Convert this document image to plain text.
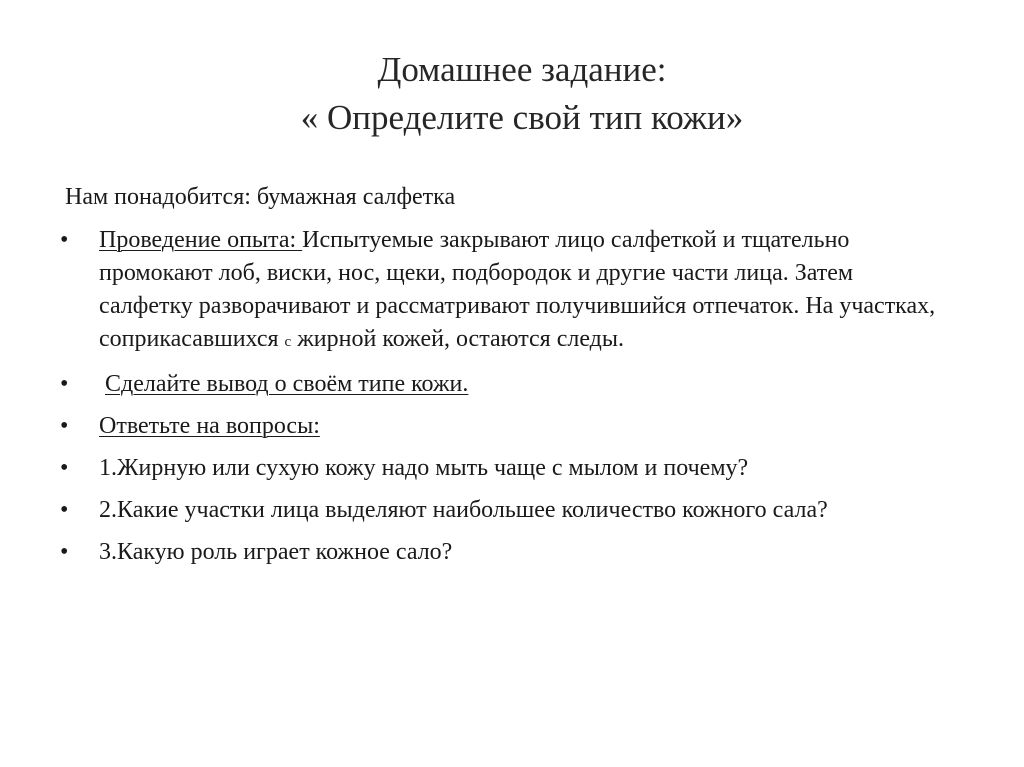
Домашнее задание:
« Определите свой тип кожи»
Нам понадобится: бумажная салфетка
• Проведение опыта: Испытуемые закрывают лицо салфеткой и тщательно промокают лоб, виски, нос, щеки, подбородок и другие части лица. Затем салфетку разворачивают и рассматривают получившийся отпечаток. На участках, соприкасавшихся с жирной кожей, остаются следы.
• Сделайте вывод о своём типе кожи.
• Ответьте на вопросы:
• 1.Жирную или сухую кожу надо мыть чаще с мылом и почему?
• 2.Какие участки лица выделяют наибольшее количество кожного сала?
• 3.Какую роль играет кожное сало?
